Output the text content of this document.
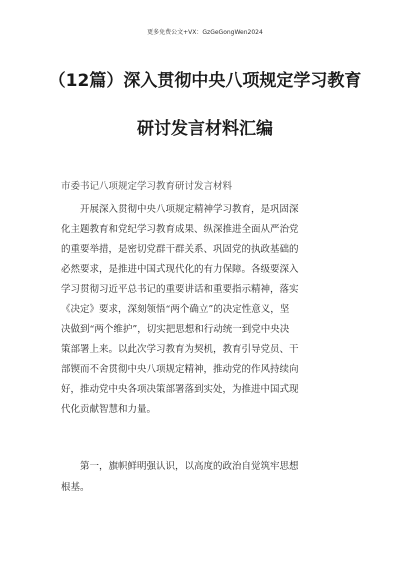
更多免费公文+VX：GzGeGongWen2024
（12篇）深入贯彻中央八项规定学习教育
研讨发言材料汇编
市委书记八项规定学习教育研讨发言材料
开展深入贯彻中央八项规定精神学习教育，是巩固深
化主题教育和党纪学习教育成果、纵深推进全面从严治党
的重要举措，是密切党群干群关系、巩固党的执政基础的
必然要求，是推进中国式现代化的有力保障。各级要深入
学习贯彻习近平总书记的重要讲话和重要指示精神，落实
《决定》要求，深刻领悟“两个确立”的决定性意义，坚
决做到“两个维护”，切实把思想和行动统一到党中央决
策部署上来。以此次学习教育为契机，教育引导党员、干
部锲而不舍贯彻中央八项规定精神，推动党的作风持续向
好，推动党中央各项决策部署落到实处，为推进中国式现
代化贡献智慧和力量。
第一，旗帜鲜明强认识，以高度的政治自觉筑牢思想
根基。
